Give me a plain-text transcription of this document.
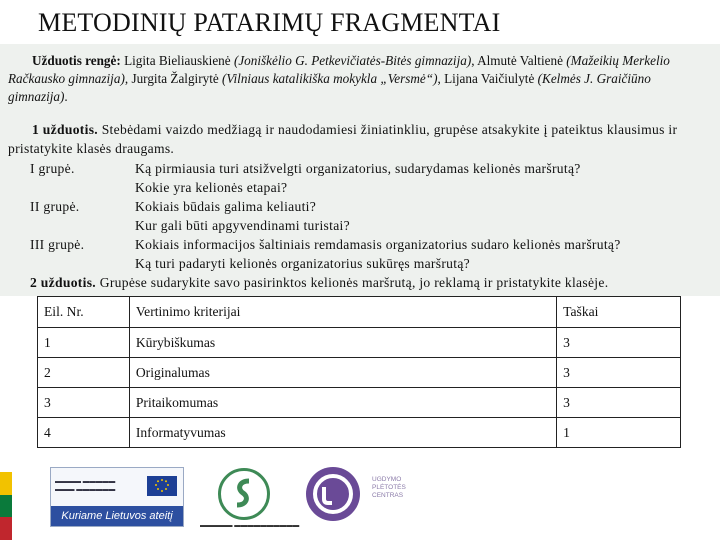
METODINIŲ PATARIMŲ FRAGMENTAI

Užduotis rengė: Ligita Bieliauskienė (Joniškėlio G. Petkevičiatės-Bitės gimnazija), Almutė Valtienė (Mažeikių Merkelio Račkausko gimnazija), Jurgita Žalgirytė (Vilniaus katalikiška mokykla „Versmė“), Lijana Vaičiulytė (Kelmės J. Graičiūno gimnazija).

1 užduotis. Stebėdami vaizdo medžiagą ir naudodamiesi žiniatinkliu, grupėse atsakykite į pateiktus klausimus ir pristatykite klasės draugams.

I grupė.	Ką pirmiausia turi atsižvelgti organizatorius, sudarydamas kelionės maršrutą?
Kokie yra kelionės etapai?
II grupė.	Kokiais būdais galima keliauti?
Kur gali būti apgyvendinami turistai?
III grupė.	Kokiais informacijos šaltiniais remdamasis organizatorius sudaro kelionės maršrutą?
Ką turi padaryti kelionės organizatorius sukūręs maršrutą?
2 užduotis. Grupėse sudarykite savo pasirinktos kelionės maršrutą, jo reklamą ir pristatykite klasėje.
Eil. Nr.	Vertinimo kriterijai	Taškai
1	Kūrybiškumas	3
2	Originalumas	3
3	Pritaikomumas	3
4	Informatyvumas	1
▬▬▬▬ ▬▬▬▬▬
▬▬▬ ▬▬▬▬▬▬
Kuriame Lietuvos ateitį
▬▬▬▬▬ ▬▬▬▬▬▬▬▬▬▬
UGDYMO PLĖTOTĖS CENTRAS
